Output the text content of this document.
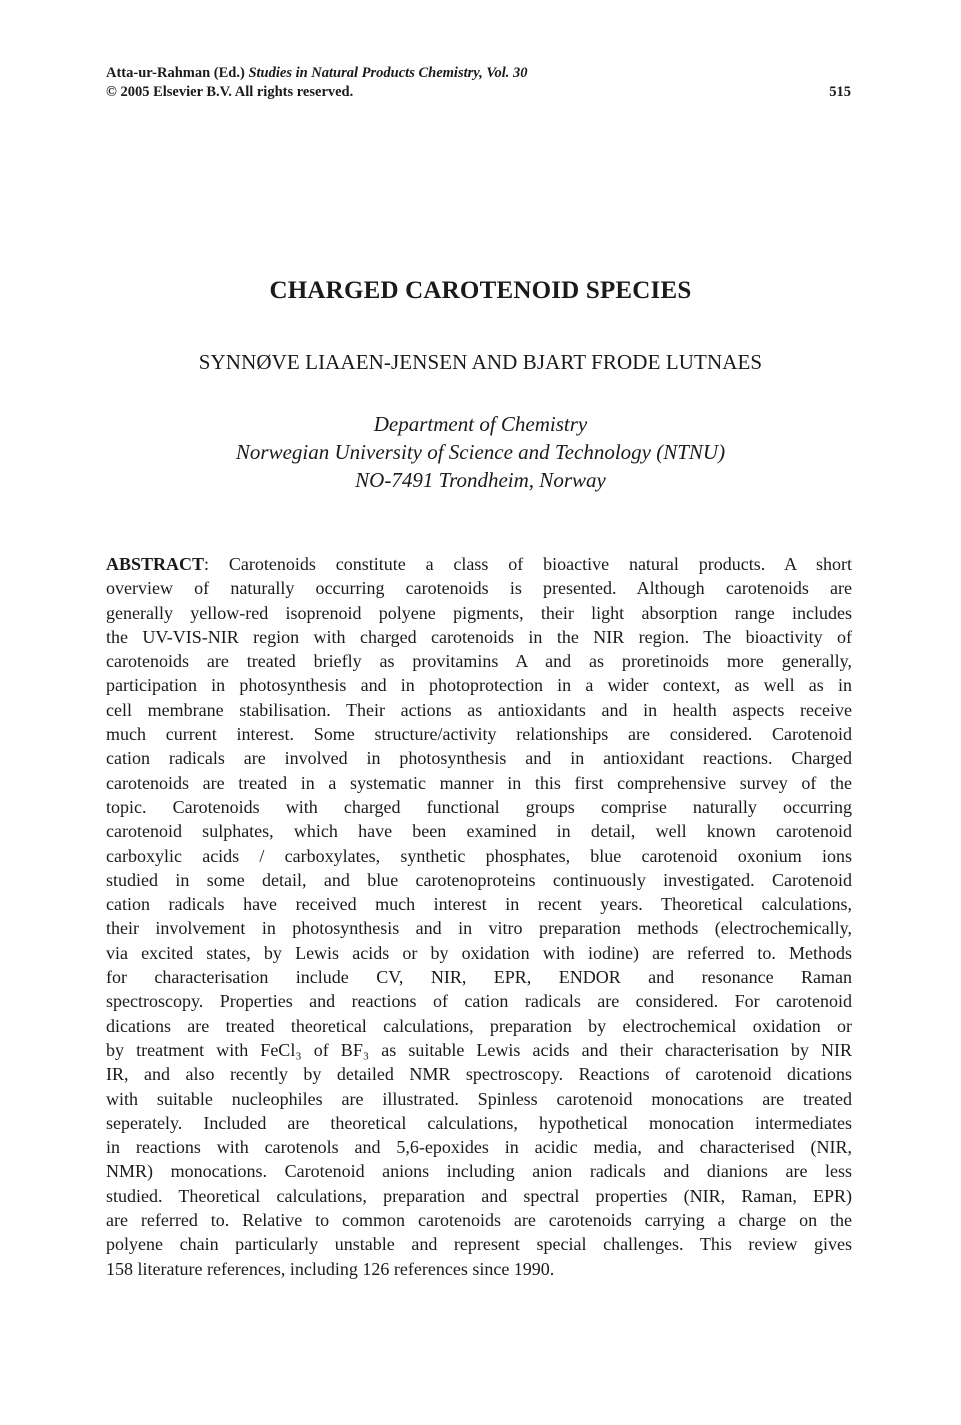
Atta-ur-Rahman (Ed.) Studies in Natural Products Chemistry, Vol. 30
© 2005 Elsevier B.V. All rights reserved.	515
CHARGED CAROTENOID SPECIES
SYNNØVE LIAAEN-JENSEN AND BJART FRODE LUTNAES
Department of Chemistry
Norwegian University of Science and Technology (NTNU)
NO-7491 Trondheim, Norway
ABSTRACT: Carotenoids constitute a class of bioactive natural products. A short
overview of naturally occurring carotenoids is presented. Although carotenoids are
generally yellow-red isoprenoid polyene pigments, their light absorption range includes
the UV-VIS-NIR region with charged carotenoids in the NIR region. The bioactivity of
carotenoids are treated briefly as provitamins A and as proretinoids more generally,
participation in photosynthesis and in photoprotection in a wider context, as well as in
cell membrane stabilisation. Their actions as antioxidants and in health aspects receive
much current interest. Some structure/activity relationships are considered. Carotenoid
cation radicals are involved in photosynthesis and in antioxidant reactions. Charged
carotenoids are treated in a systematic manner in this first comprehensive survey of the
topic. Carotenoids with charged functional groups comprise naturally occurring
carotenoid sulphates, which have been examined in detail, well known carotenoid
carboxylic acids / carboxylates, synthetic phosphates, blue carotenoid oxonium ions
studied in some detail, and blue carotenoproteins continuously investigated. Carotenoid
cation radicals have received much interest in recent years. Theoretical calculations,
their involvement in photosynthesis and in vitro preparation methods (electrochemically,
via excited states, by Lewis acids or by oxidation with iodine) are referred to. Methods
for characterisation include CV, NIR, EPR, ENDOR and resonance Raman
spectroscopy. Properties and reactions of cation radicals are considered. For carotenoid
dications are treated theoretical calculations, preparation by electrochemical oxidation or
by treatment with FeCl₃ of BF₃ as suitable Lewis acids and their characterisation by NIR
IR, and also recently by detailed NMR spectroscopy. Reactions of carotenoid dications
with suitable nucleophiles are illustrated. Spinless carotenoid monocations are treated
seperately. Included are theoretical calculations, hypothetical monocation intermediates
in reactions with carotenols and 5,6-epoxides in acidic media, and characterised (NIR,
NMR) monocations. Carotenoid anions including anion radicals and dianions are less
studied. Theoretical calculations, preparation and spectral properties (NIR, Raman, EPR)
are referred to. Relative to common carotenoids are carotenoids carrying a charge on the
polyene chain particularly unstable and represent special challenges. This review gives
158 literature references, including 126 references since 1990.
